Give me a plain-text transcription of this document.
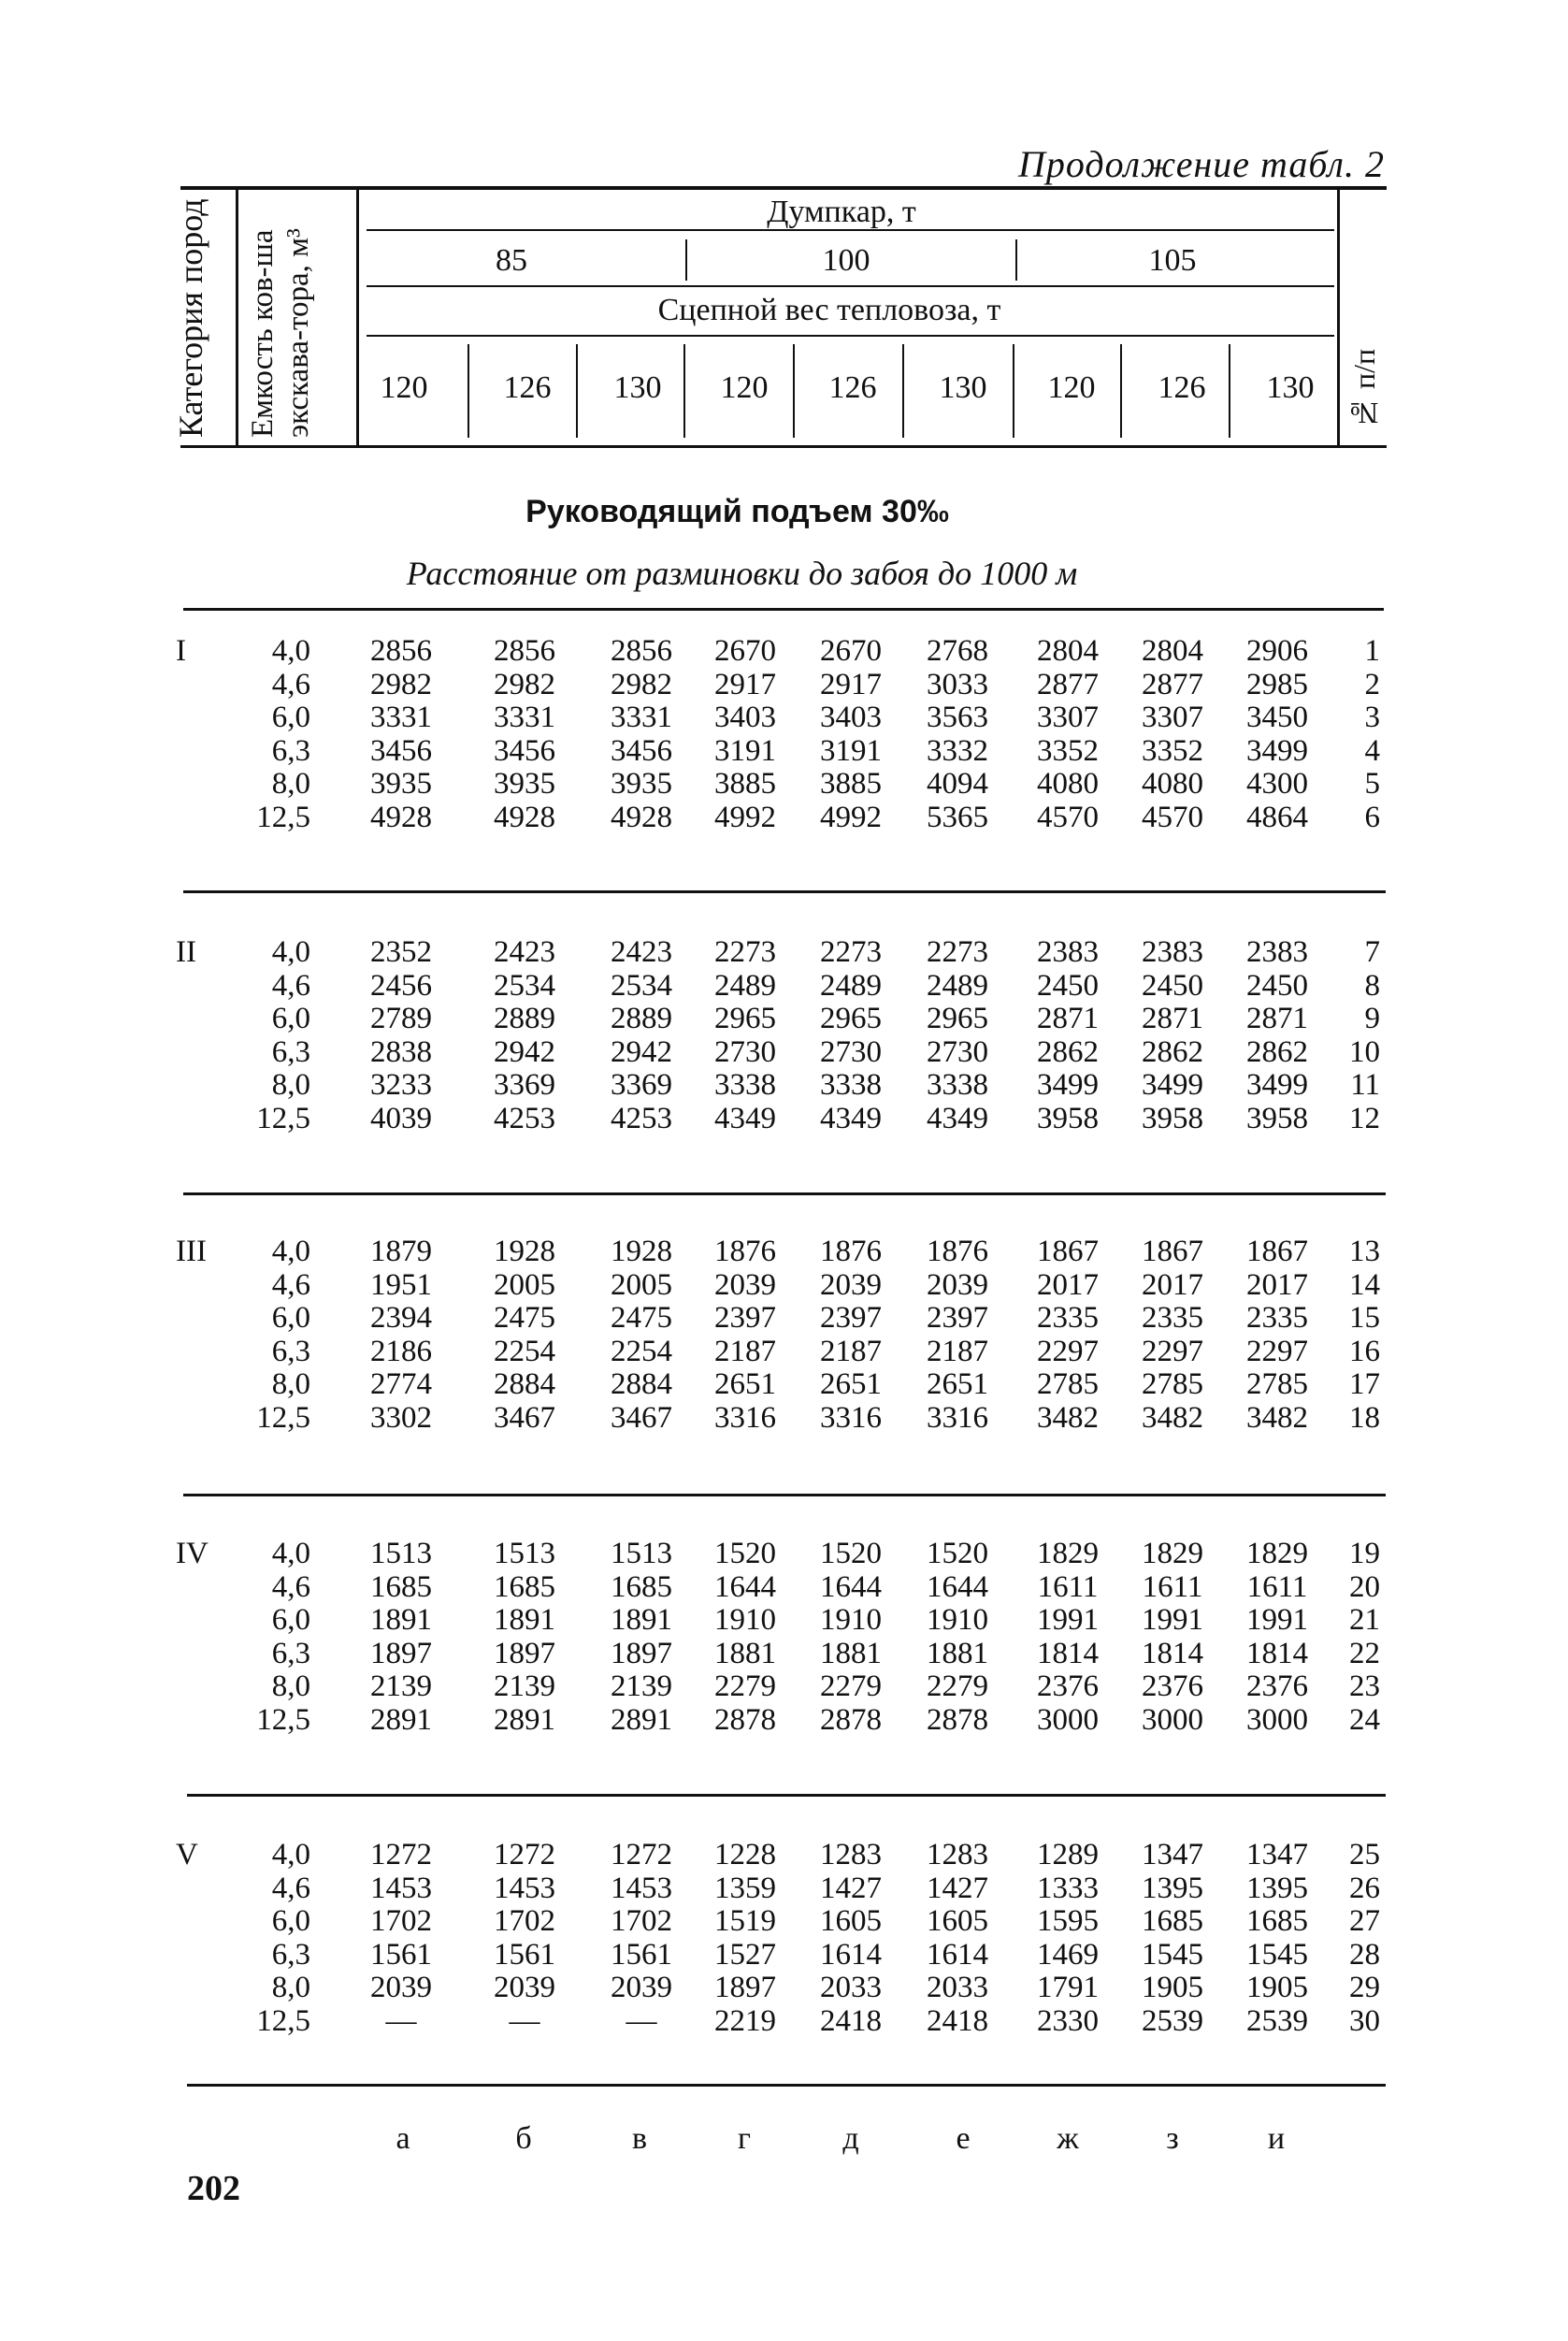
Продолжение табл. 2
Категория пород	Емкость ков-ша экскава-тора, м³	№ п/п
Думпкар, т
85	100	105
Сцепной вес тепловоза, т
120 126 130 120 126 130 120 126 130
Руководящий подъем 30‰
Расстояние от разминовки до забоя до 1000 м
I	4,0 2856 2856 2856 2670 2670 2768 2804 2804 2906 1
4,6 2982 2982 2982 2917 2917 3033 2877 2877 2985 2
6,0 3331 3331 3331 3403 3403 3563 3307 3307 3450 3
6,3 3456 3456 3456 3191 3191 3332 3352 3352 3499 4
8,0 3935 3935 3935 3885 3885 4094 4080 4080 4300 5
12,5 4928 4928 4928 4992 4992 5365 4570 4570 4864 6
II 4,0 2352 2423 2423 2273 2273 2273 2383 2383 2383 7
4,6 2456 2534 2534 2489 2489 2489 2450 2450 2450 8
6,0 2789 2889 2889 2965 2965 2965 2871 2871 2871 9
6,3 2838 2942 2942 2730 2730 2730 2862 2862 2862 10
8,0 3233 3369 3369 3338 3338 3338 3499 3499 3499 11
12,5 4039 4253 4253 4349 4349 4349 3958 3958 3958 12
III 4,0 1879 1928 1928 1876 1876 1876 1867 1867 1867 13
4,6 1951 2005 2005 2039 2039 2039 2017 2017 2017 14
6,0 2394 2475 2475 2397 2397 2397 2335 2335 2335 15
6,3 2186 2254 2254 2187 2187 2187 2297 2297 2297 16
8,0 2774 2884 2884 2651 2651 2651 2785 2785 2785 17
12,5 3302 3467 3467 3316 3316 3316 3482 3482 3482 18
IV 4,0 1513 1513 1513 1520 1520 1520 1829 1829 1829 19
4,6 1685 1685 1685 1644 1644 1644 1611 1611 1611 20
6,0 1891 1891 1891 1910 1910 1910 1991 1991 1991 21
6,3 1897 1897 1897 1881 1881 1881 1814 1814 1814 22
8,0 2139 2139 2139 2279 2279 2279 2376 2376 2376 23
12,5 2891 2891 2891 2878 2878 2878 3000 3000 3000 24
V 4,0 1272 1272 1272 1228 1283 1283 1289 1347 1347 25
4,6 1453 1453 1453 1359 1427 1427 1333 1395 1395 26
6,0 1702 1702 1702 1519 1605 1605 1595 1685 1685 27
6,3 1561 1561 1561 1527 1614 1614 1469 1545 1545 28
8,0 2039 2039 2039 1897 2033 2033 1791 1905 1905 29
12,5 —	—	— 2219 2418 2418 2330 2539 2539 30
а	б	в	г	д	е	ж	з	и
202
